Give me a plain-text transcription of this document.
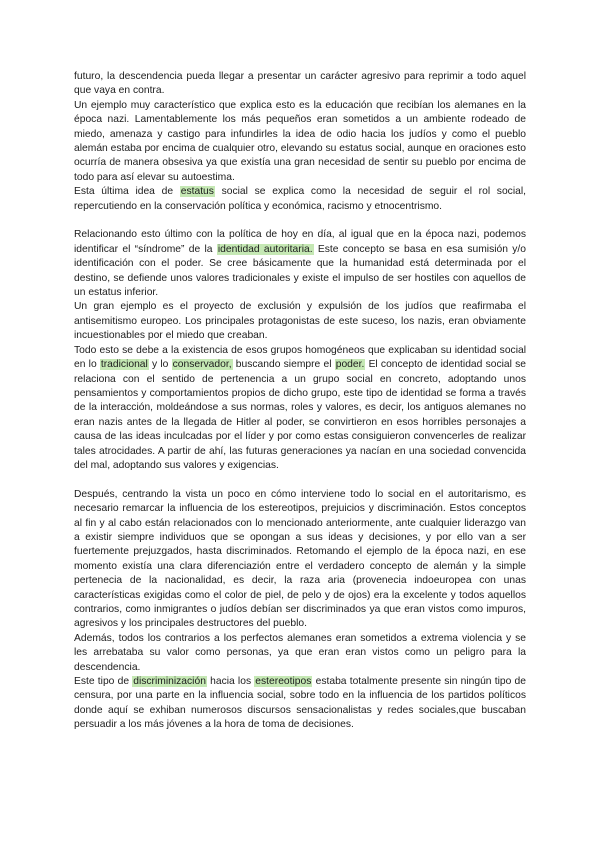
futuro, la descendencia pueda llegar a presentar un carácter agresivo para reprimir a todo aquel que vaya en contra.

Un ejemplo muy característico que explica esto es la educación que recibían los alemanes en la época nazi. Lamentablemente los más pequeños eran sometidos a un ambiente rodeado de miedo, amenaza y castigo para infundirles la idea de odio hacia los judíos y como el pueblo alemán estaba por encima de cualquier otro, elevando su estatus social, aunque en oraciones esto ocurría de manera obsesiva ya que existía una gran necesidad de sentir su pueblo por encima de todo para así elevar su autoestima.

Esta última idea de estatus social se explica como la necesidad de seguir el rol social, repercutiendo en la conservación política y económica, racismo y etnocentrismo.

Relacionando esto último con la política de hoy en día, al igual que en la época nazi, podemos identificar el “síndrome” de la identidad autoritaria. Este concepto se basa en esa sumisión y/o identificación con el poder. Se cree básicamente que la humanidad está determinada por el destino, se defiende unos valores tradicionales y existe el impulso de ser hostiles con aquellos de un estatus inferior.

Un gran ejemplo es el proyecto de exclusión y expulsión de los judíos que reafirmaba el antisemitismo europeo. Los principales protagonistas de este suceso, los nazis, eran obviamente incuestionables por el miedo que creaban.

Todo esto se debe a la existencia de esos grupos homogéneos que explicaban su identidad social en lo tradicional y lo conservador, buscando siempre el poder. El concepto de identidad social se relaciona con el sentido de pertenencia a un grupo social en concreto, adoptando unos pensamientos y comportamientos propios de dicho grupo, este tipo de identidad se forma a través de la interacción, moldeándose a sus normas, roles y valores, es decir, los antiguos alemanes no eran nazis antes de la llegada de Hitler al poder, se convirtieron en esos horribles personajes a causa de las ideas inculcadas por el líder y por como estas consiguieron convencerles de realizar tales atrocidades. A partir de ahí, las futuras generaciones ya nacían en una sociedad convencida del mal, adoptando sus valores y exigencias.

Después, centrando la vista un poco en cómo interviene todo lo social en el autoritarismo, es necesario remarcar la influencia de los estereotipos, prejuicios y discriminación. Estos conceptos al fin y al cabo están relacionados con lo mencionado anteriormente, ante cualquier liderazgo van a existir siempre individuos que se opongan a sus ideas y decisiones, y por ello van a ser fuertemente prejuzgados, hasta discriminados. Retomando el ejemplo de la época nazi, en ese momento existía una clara diferenciazión entre el verdadero concepto de alemán y la simple pertenecia de la nacionalidad, es decir, la raza aria (provenecia indoeuropea con unas características exigidas como el color de piel, de pelo y de ojos) era la excelente y todos aquellos contrarios, como inmigrantes o judíos debían ser discriminados ya que eran vistos como impuros, agresivos y los principales destructores del pueblo.

Además, todos los contrarios a los perfectos alemanes eran sometidos a extrema violencia y se les arrebataba su valor como personas, ya que eran eran vistos como un peligro para la descendencia.

Este tipo de discriminización hacia los estereotipos estaba totalmente presente sin ningún tipo de censura, por una parte en la influencia social, sobre todo en la influencia de los partidos políticos donde aquí se exhiban numerosos discursos sensacionalistas y redes sociales,que buscaban persuadir a los más jóvenes a la hora de toma de decisiones.
